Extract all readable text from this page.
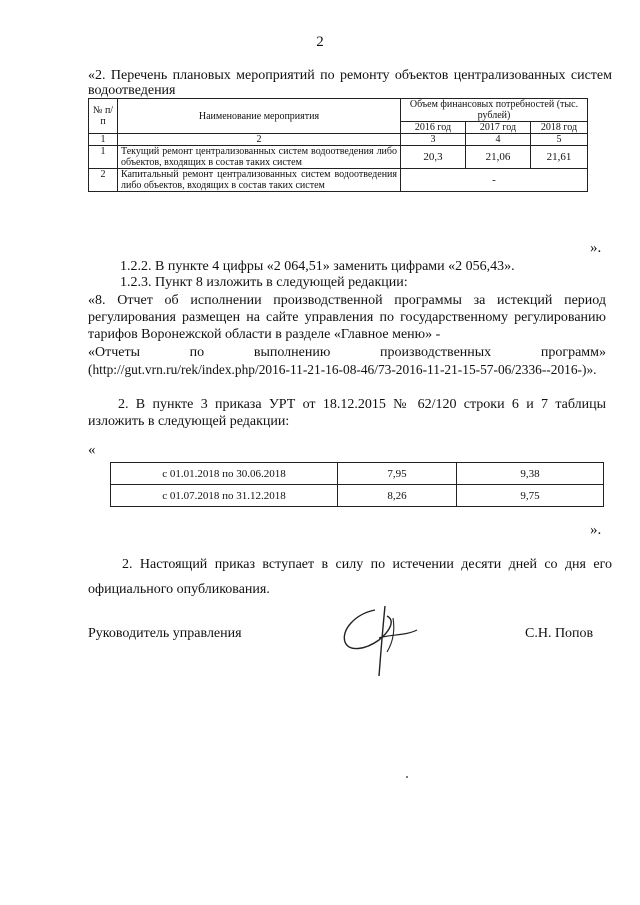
2
«2. Перечень плановых мероприятий по ремонту объектов централизованных систем водоотведения
№ п/п	Наименование мероприятия	Объем финансовых потребностей (тыс. рублей)		
		2016 год	2017 год	2018 год
1	2	3	4	5
1	Текущий ремонт централизованных систем водоотведения либо объектов, входящих в состав таких систем	20,3	21,06	21,61
2	Капитальный ремонт централизованных систем водоотведения либо объектов, входящих в состав таких систем	-		
».
1.2.2. В пункте 4 цифры «2 064,51» заменить цифрами «2 056,43».
1.2.3. Пункт 8 изложить в следующей редакции:
«8. Отчет об исполнении производственной программы за истекций период регулирования размещен на сайте управления по государственному регулированию тарифов Воронежской области в разделе «Главное меню» -
«Отчеты	по	выполнению	производственных	программ»
(http://gut.vrn.ru/rek/index.php/2016-11-21-16-08-46/73-2016-11-21-15-57-06/2336--2016-)».
2. В пункте 3 приказа УРТ от 18.12.2015 № 62/120 строки 6 и 7 таблицы изложить в следующей редакции:
«
с 01.01.2018 по 30.06.2018	7,95	9,38
с 01.07.2018 по 31.12.2018	8,26	9,75
».
2. Настоящий приказ вступает в силу по истечении десяти дней со дня его официального опубликования.
Руководитель управления	С.Н. Попов
